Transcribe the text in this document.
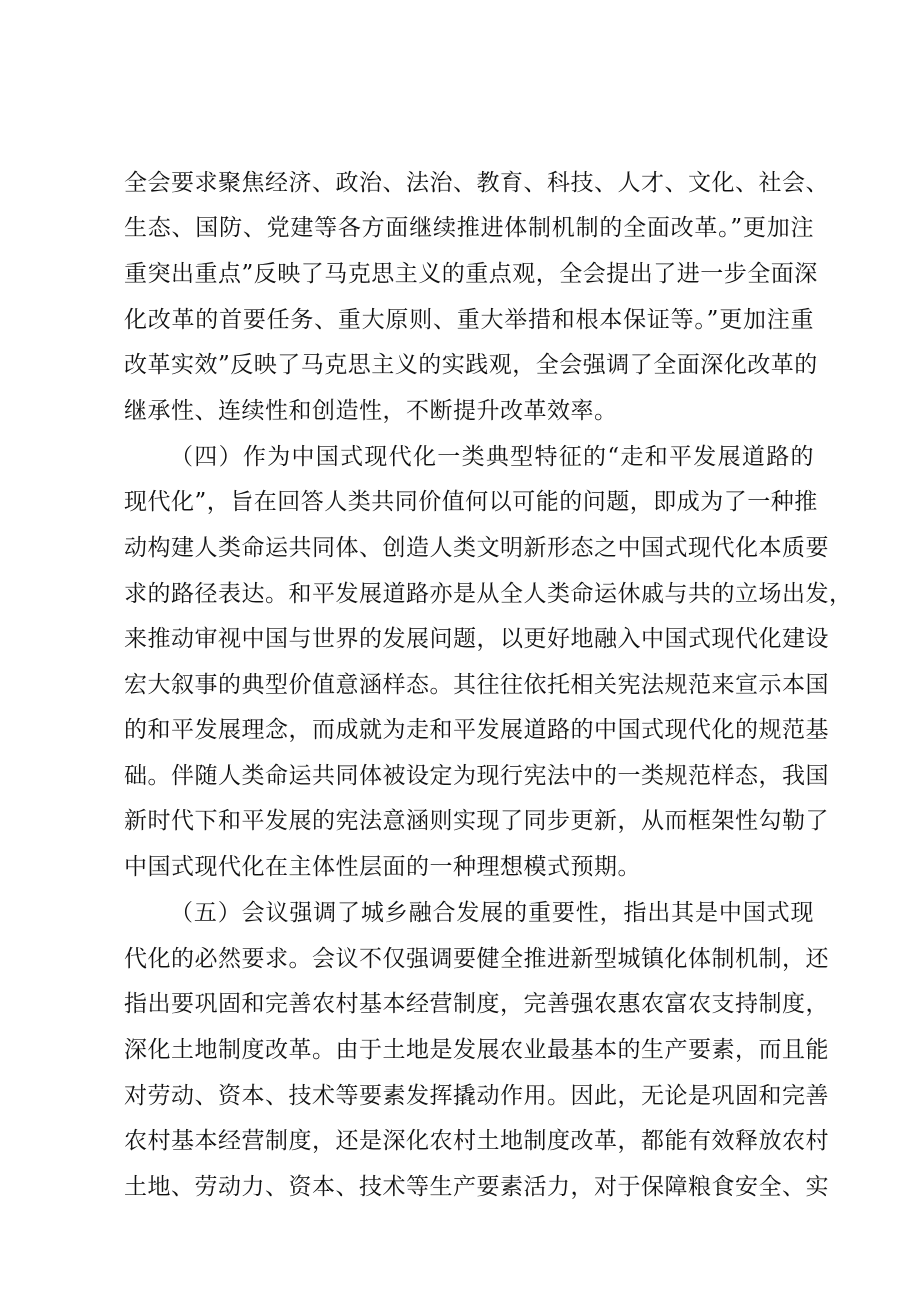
全会要求聚焦经济、政治、法治、教育、科技、人才、文化、社会、
生态、国防、党建等各方面继续推进体制机制的全面改革。”更加注
重突出重点”反映了马克思主义的重点观，全会提出了进一步全面深
化改革的首要任务、重大原则、重大举措和根本保证等。”更加注重
改革实效”反映了马克思主义的实践观，全会强调了全面深化改革的
继承性、连续性和创造性，不断提升改革效率。
（四）作为中国式现代化一类典型特征的“走和平发展道路的
现代化”，旨在回答人类共同价值何以可能的问题，即成为了一种推
动构建人类命运共同体、创造人类文明新形态之中国式现代化本质要
求的路径表达。和平发展道路亦是从全人类命运休戚与共的立场出发，
来推动审视中国与世界的发展问题，以更好地融入中国式现代化建设
宏大叙事的典型价值意涵样态。其往往依托相关宪法规范来宣示本国
的和平发展理念，而成就为走和平发展道路的中国式现代化的规范基
础。伴随人类命运共同体被设定为现行宪法中的一类规范样态，我国
新时代下和平发展的宪法意涵则实现了同步更新，从而框架性勾勒了
中国式现代化在主体性层面的一种理想模式预期。
（五）会议强调了城乡融合发展的重要性，指出其是中国式现
代化的必然要求。会议不仅强调要健全推进新型城镇化体制机制，还
指出要巩固和完善农村基本经营制度，完善强农惠农富农支持制度，
深化土地制度改革。由于土地是发展农业最基本的生产要素，而且能
对劳动、资本、技术等要素发挥撬动作用。因此，无论是巩固和完善
农村基本经营制度，还是深化农村土地制度改革，都能有效释放农村
土地、劳动力、资本、技术等生产要素活力，对于保障粮食安全、实
